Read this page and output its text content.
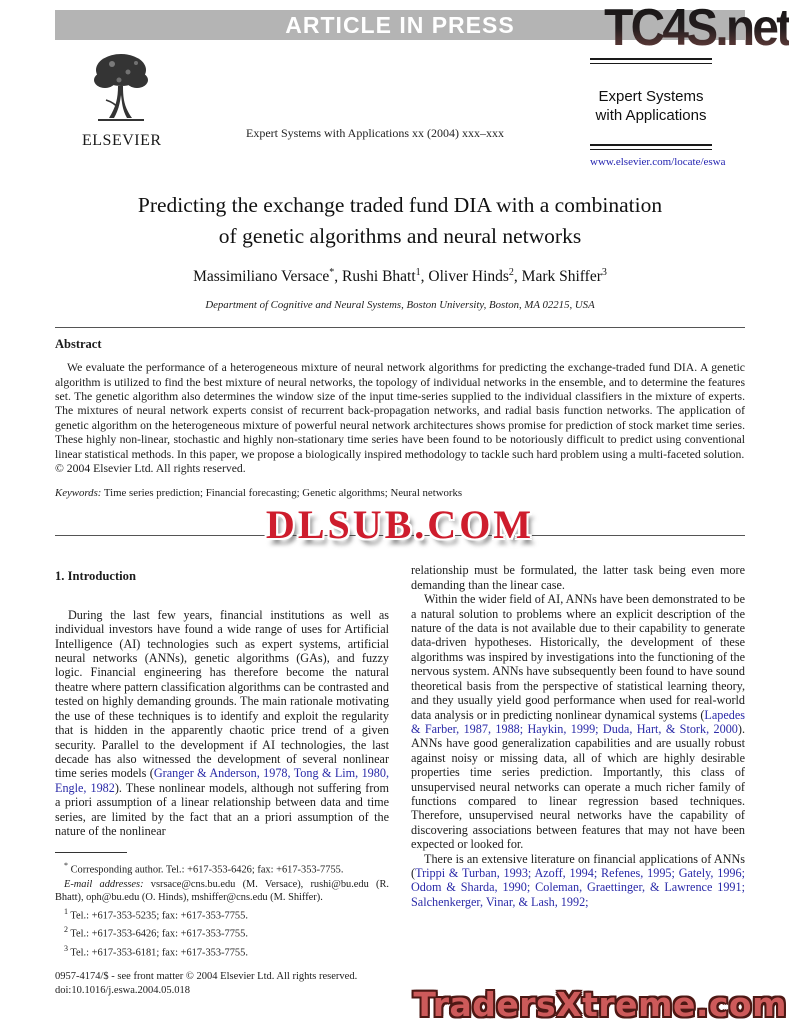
ARTICLE IN PRESS	TC4S.net
ELSEVIER	Expert Systems with Applications xx (2004) xxx–xxx
Expert Systems
with Applications
www.elsevier.com/locate/eswa
Predicting the exchange traded fund DIA with a combination
of genetic algorithms and neural networks
Massimiliano Versace*, Rushi Bhatt$^1$, Oliver Hinds$^2$, Mark Shiffer$^3$
Department of Cognitive and Neural Systems, Boston University, Boston, MA 02215, USA
Abstract

We evaluate the performance of a heterogeneous mixture of neural network algorithms for predicting the exchange-traded fund DIA. A genetic algorithm is utilized to find the best mixture of neural networks, the topology of individual networks in the ensemble, and to determine the features set. The genetic algorithm also determines the window size of the input time-series supplied to the individual classifiers in the mixture of experts. The mixtures of neural network experts consist of recurrent back-propagation networks, and radial basis function networks. The application of genetic algorithm on the heterogeneous mixture of powerful neural network architectures shows promise for prediction of stock market time series. These highly non-linear, stochastic and highly non-stationary time series have been found to be notoriously difficult to predict using conventional linear statistical methods. In this paper, we propose a biologically inspired methodology to tackle such hard problem using a multi-faceted solution.

© 2004 Elsevier Ltd. All rights reserved.

Keywords: Time series prediction; Financial forecasting; Genetic algorithms; Neural networks

DLSUB.COM
1. Introduction

During the last few years, financial institutions as well as individual investors have found a wide range of uses for Artificial Intelligence (AI) technologies such as expert systems, artificial neural networks (ANNs), genetic algorithms (GAs), and fuzzy logic. Financial engineering has therefore become the natural theatre where pattern classification algorithms can be contrasted and tested on highly demanding grounds. The main rationale motivating the use of these techniques is to identify and exploit the regularity that is hidden in the apparently chaotic price trend of a given security. Parallel to the development if AI technologies, the last decade has also witnessed the development of several nonlinear time series models (Granger & Anderson, 1978, Tong & Lim, 1980, Engle, 1982). These nonlinear models, although not suffering from a priori assumption of a linear relationship between data and time series, are limited by the fact that an a priori assumption of the nature of the nonlinear

* Corresponding author. Tel.: +617-353-6426; fax: +617-353-7755.

E-mail addresses: vsrsace@cns.bu.edu (M. Versace), rushi@bu.edu (R. Bhatt), oph@bu.edu (O. Hinds), mshiffer@cns.edu (M. Shiffer).

$^1$ Tel.: +617-353-5235; fax: +617-353-7755.

$^2$ Tel.: +617-353-6426; fax: +617-353-7755.

$^3$ Tel.: +617-353-6181; fax: +617-353-7755.

relationship must be formulated, the latter task being even more demanding than the linear case.

Within the wider field of AI, ANNs have been demonstrated to be a natural solution to problems where an explicit description of the nature of the data is not available due to their capability to generate data-driven hypotheses. Historically, the development of these algorithms was inspired by investigations into the functioning of the nervous system. ANNs have subsequently been found to have sound theoretical basis from the perspective of statistical learning theory, and they usually yield good performance when used for real-world data analysis or in predicting nonlinear dynamical systems (Lapedes & Farber, 1987, 1988; Haykin, 1999; Duda, Hart, & Stork, 2000). ANNs have good generalization capabilities and are usually robust against noisy or missing data, all of which are highly desirable properties time series prediction. Importantly, this class of unsupervised neural networks can operate a much richer family of functions compared to linear regression based techniques. Therefore, unsupervised neural networks have the capability of discovering associations between features that may not have been expected or looked for.

There is an extensive literature on financial applications of ANNs (Trippi & Turban, 1993; Azoff, 1994; Refenes, 1995; Gately, 1996; Odom & Sharda, 1990; Coleman, Graettinger, & Lawrence 1991; Salchenkerger, Vinar, & Lash, 1992;

0957-4174/$ - see front matter © 2004 Elsevier Ltd. All rights reserved.
doi:10.1016/j.eswa.2004.05.018	TradersXtreme.com
